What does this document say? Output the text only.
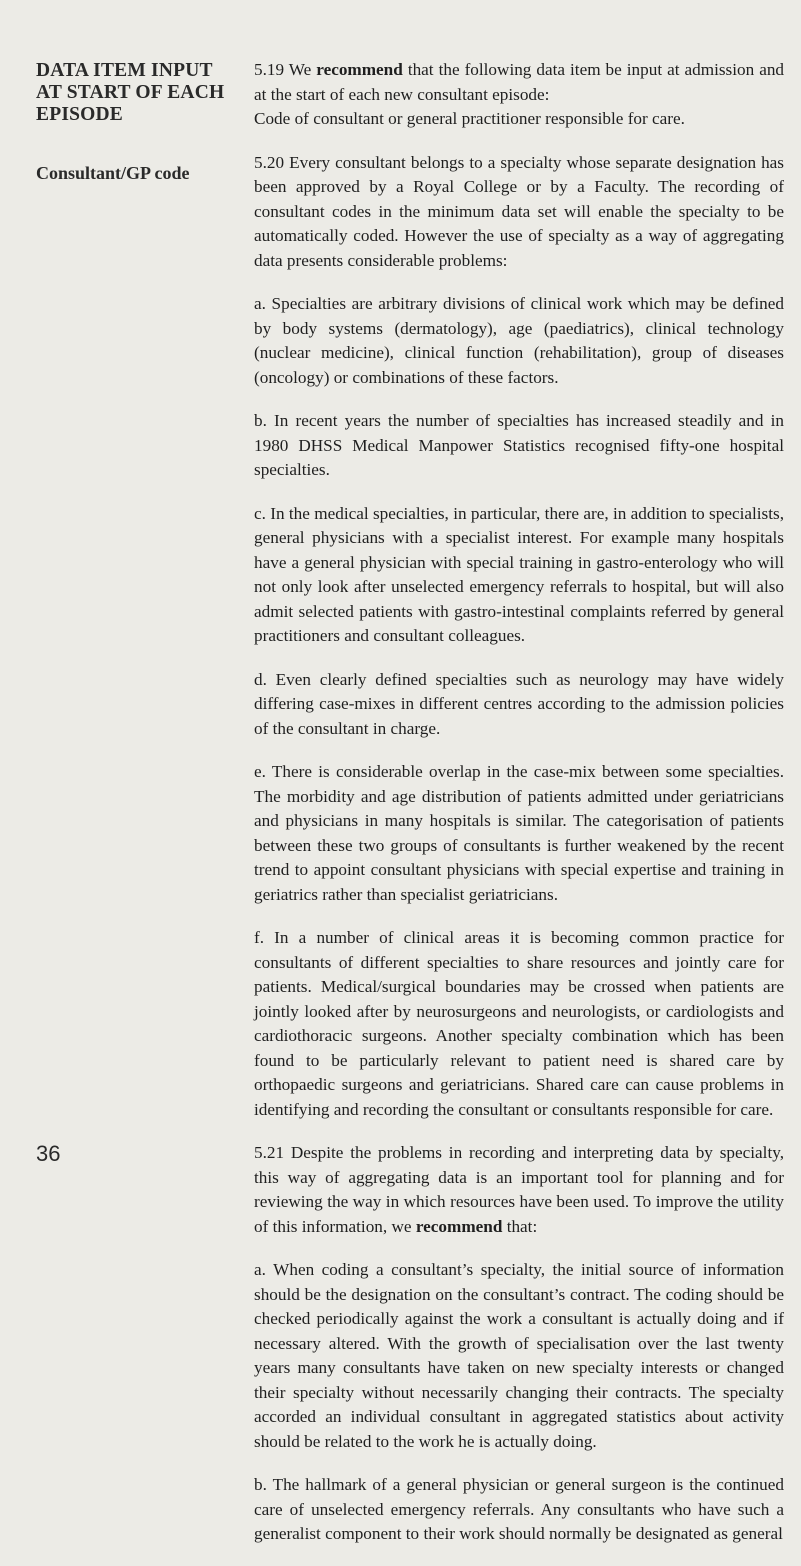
DATA ITEM INPUT AT START OF EACH EPISODE
Consultant/GP code
36

5.19 We recommend that the following data item be input at admission and at the start of each new consultant episode:
Code of consultant or general practitioner responsible for care.

5.20 Every consultant belongs to a specialty whose separate designation has been approved by a Royal College or by a Faculty. The recording of consultant codes in the minimum data set will enable the specialty to be automatically coded. However the use of specialty as a way of aggregating data presents considerable problems:

a. Specialties are arbitrary divisions of clinical work which may be defined by body systems (dermatology), age (paediatrics), clinical technology (nuclear medicine), clinical function (rehabilitation), group of diseases (oncology) or combinations of these factors.

b. In recent years the number of specialties has increased steadily and in 1980 DHSS Medical Manpower Statistics recognised fifty-one hospital specialties.

c. In the medical specialties, in particular, there are, in addition to specialists, general physicians with a specialist interest. For example many hospitals have a general physician with special training in gastro-enterology who will not only look after unselected emergency referrals to hospital, but will also admit selected patients with gastro-intestinal complaints referred by general practitioners and consultant colleagues.

d. Even clearly defined specialties such as neurology may have widely differing case-mixes in different centres according to the admission policies of the consultant in charge.

e. There is considerable overlap in the case-mix between some specialties. The morbidity and age distribution of patients admitted under geriatricians and physicians in many hospitals is similar. The categorisation of patients between these two groups of consultants is further weakened by the recent trend to appoint consultant physicians with special expertise and training in geriatrics rather than specialist geriatricians.

f. In a number of clinical areas it is becoming common practice for consultants of different specialties to share resources and jointly care for patients. Medical/surgical boundaries may be crossed when patients are jointly looked after by neurosurgeons and neurologists, or cardiologists and cardiothoracic surgeons. Another specialty combination which has been found to be particularly relevant to patient need is shared care by orthopaedic surgeons and geriatricians. Shared care can cause problems in identifying and recording the consultant or consultants responsible for care.

5.21 Despite the problems in recording and interpreting data by specialty, this way of aggregating data is an important tool for planning and for reviewing the way in which resources have been used. To improve the utility of this information, we recommend that:

a. When coding a consultant’s specialty, the initial source of information should be the designation on the consultant’s contract. The coding should be checked periodically against the work a consultant is actually doing and if necessary altered. With the growth of specialisation over the last twenty years many consultants have taken on new specialty interests or changed their specialty without necessarily changing their contracts. The specialty accorded an individual consultant in aggregated statistics about activity should be related to the work he is actually doing.

b. The hallmark of a general physician or general surgeon is the continued care of unselected emergency referrals. Any consultants who have such a generalist component to their work should normally be designated as general
